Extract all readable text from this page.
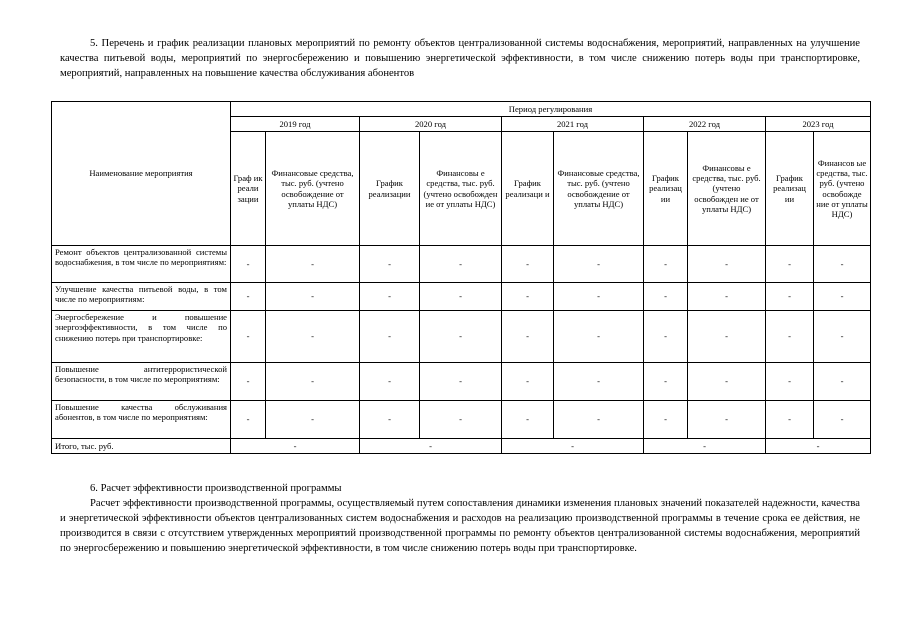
5. Перечень и график реализации плановых мероприятий по ремонту объектов централизованной системы водоснабжения, мероприятий, направленных на улучшение качества питьевой воды, мероприятий по энергосбережению и повышению энергетической эффективности, в том числе снижению потерь воды при транспортировке, мероприятий, направленных на повышение качества обслуживания абонентов

Наименование мероприятия	Период регулирования									
	2019 год		2020 год		2021 год		2022 год		2023 год	
	Граф ик реали зации	Финансовые средства, тыс. руб. (учтено освобождение от уплаты НДС)	График реализации	Финансовы е средства, тыс. руб. (учтено освобожден ие от уплаты НДС)	График реализаци и	Финансовые средства, тыс. руб. (учтено освобождение от уплаты НДС)	График реализац ии	Финансовы е средства, тыс. руб. (учтено освобожден ие от уплаты НДС)	График реализац ии	Финансов ые средства, тыс. руб. (учтено освобожде ние от уплаты НДС)
Ремонт объектов централизованной системы водоснабжения, в том числе по мероприятиям:	-	-	-	-	-	-	-	-	-	-
Улучшение качества питьевой воды, в том числе по мероприятиям:	-	-	-	-	-	-	-	-	-	-
Энергосбережение и повышение энергоэффективности, в том числе по снижению потерь при транспортировке:	-	-	-	-	-	-	-	-	-	-
Повышение антитеррористической безопасности, в том числе по мероприятиям:	-	-	-	-	-	-	-	-	-	-
Повышение качества обслуживания абонентов, в том числе по мероприятиям:	-	-	-	-	-	-	-	-	-	-
Итого, тыс. руб.	-		-		-		-		-	

6. Расчет эффективности производственной программы

Расчет эффективности производственной программы, осуществляемый путем сопоставления динамики изменения плановых значений показателей надежности, качества и энергетической эффективности объектов централизованных систем водоснабжения и расходов на реализацию производственной программы в течение срока ее действия, не производится в связи с отсутствием утвержденных мероприятий производственной программы по ремонту объектов централизованной системы водоснабжения, мероприятий по энергосбережению и повышению энергетической эффективности, в том числе снижению потерь воды при транспортировке.
